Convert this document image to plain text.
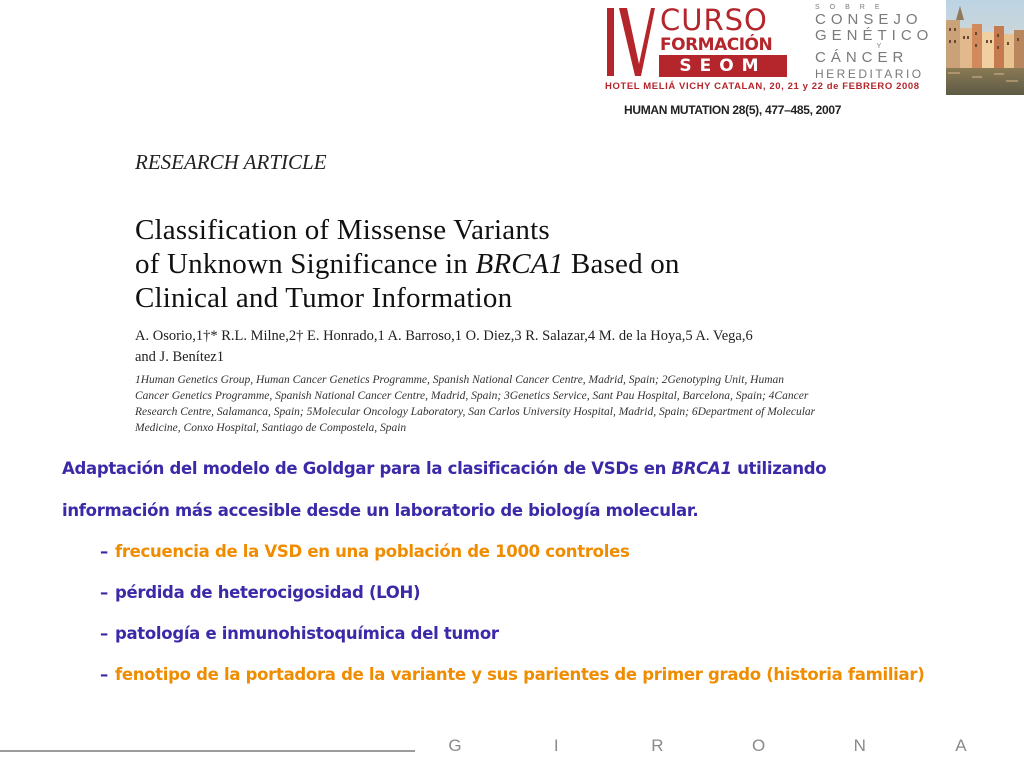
CURSO
FORMACIÓN
SEOM
HOTEL MELIÁ VICHY CATALAN, 20, 21 y 22 de FEBRERO 2008
SOBRE
CONSEJO
GENÉTICO
Y
CÁNCER
HEREDITARIO
HUMAN MUTATION 28(5), 477–485, 2007
RESEARCH ARTICLE
Classification of Missense Variants
of Unknown Significance in BRCA1 Based on
Clinical and Tumor Information
A. Osorio,1†* R.L. Milne,2† E. Honrado,1 A. Barroso,1 O. Diez,3 R. Salazar,4 M. de la Hoya,5 A. Vega,6
and J. Benítez1
1Human Genetics Group, Human Cancer Genetics Programme, Spanish National Cancer Centre, Madrid, Spain; 2Genotyping Unit, Human
Cancer Genetics Programme, Spanish National Cancer Centre, Madrid, Spain; 3Genetics Service, Sant Pau Hospital, Barcelona, Spain; 4Cancer
Research Centre, Salamanca, Spain; 5Molecular Oncology Laboratory, San Carlos University Hospital, Madrid, Spain; 6Department of Molecular
Medicine, Conxo Hospital, Santiago de Compostela, Spain
Adaptación del modelo de Goldgar para la clasificación de VSDs en BRCA1 utilizando
información más accesible desde un laboratorio de biología molecular.
– frecuencia de la VSD en una población de 1000 controles
– pérdida de heterocigosidad (LOH)
– patología e inmunohistoquímica del tumor
– fenotipo de la portadora de la variante y sus parientes de primer grado (historia familiar)
G	I	R	O	N	A
